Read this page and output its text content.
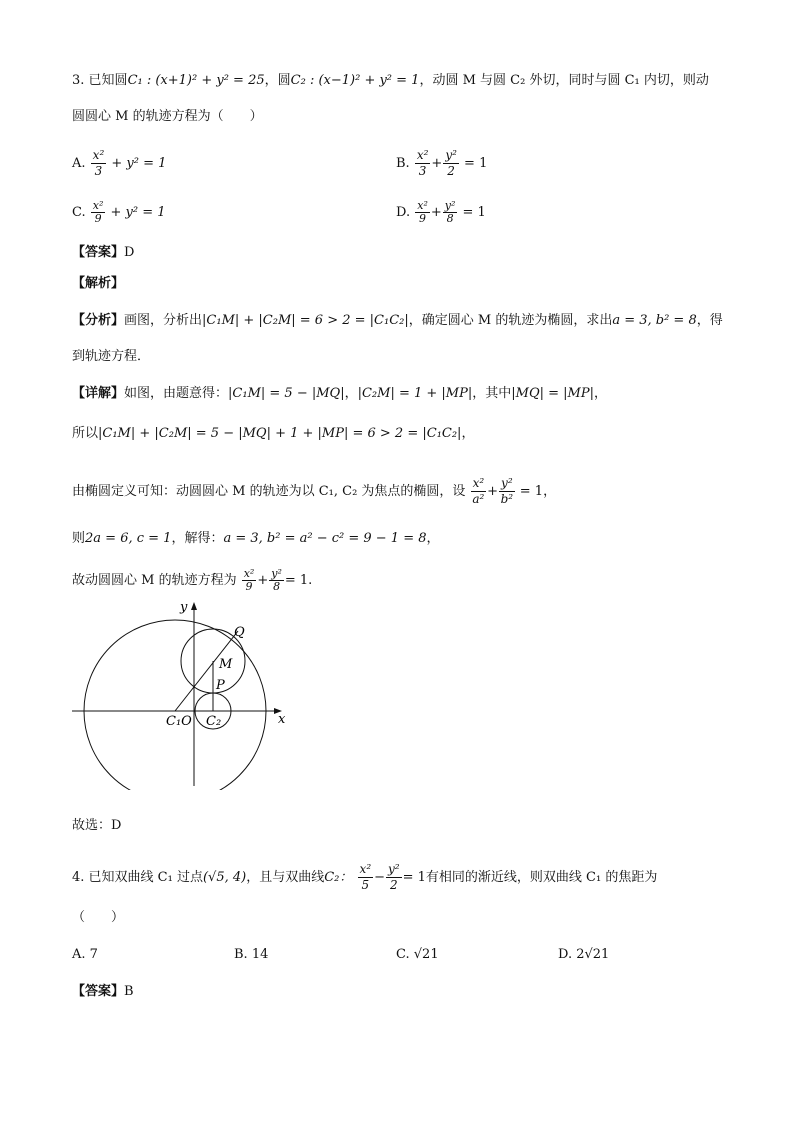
3. 已知圆C₁ : (x+1)² + y² = 25，圆C₂ : (x−1)² + y² = 1，动圆 M 与圆 C₂ 外切，同时与圆 C₁ 内切，则动
圆圆心 M 的轨迹方程为（　　）
A. $\frac{\text{x²}}{3} + y^2 = 1$	B. $\frac{\text{x²}}{3} + \frac{\text{y²}}{2} = 1$
C. $\frac{\text{x²}}{9} + y^2 = 1$	D. $\frac{\text{x²}}{9} + \frac{\text{y²}}{8} = 1$
【答案】D
【解析】
【分析】画图，分析出|C₁M| + |C₂M| = 6 > 2 = |C₁C₂|，确定圆心 M 的轨迹为椭圆，求出a = 3, b² = 8，得
到轨迹方程．
【详解】如图，由题意得：|C₁M| = 5 − |MQ|，|C₂M| = 1 + |MP|，其中|MQ| = |MP|，
所以|C₁M| + |C₂M| = 5 − |MQ| + 1 + |MP| = 6 > 2 = |C₁C₂|，
由椭圆定义可知：动圆圆心 M 的轨迹为以 C₁, C₂ 为焦点的椭圆，设 $\frac{\text{x²}}{\text{a²}} + \frac{\text{y²}}{\text{b²}} = 1$，
则2a = 6, c = 1，解得：a = 3, b² = a² − c² = 9 − 1 = 8，
故动圆圆心 M 的轨迹方程为 $\frac{\text{x²}}{9} + \frac{\text{y²}}{8} = 1$.
y
x
Q
M
P
C₁O C₂
故选：D
4. 已知双曲线 C₁ 过点(√5, 4)，且与双曲线C₂： $\frac{\text{x²}}{5} - \frac{\text{y²}}{2} = 1$有相同的渐近线，则双曲线 C₁ 的焦距为
（　　）
A. 7	B. 14	C. √21	D. 2√21
【答案】B
